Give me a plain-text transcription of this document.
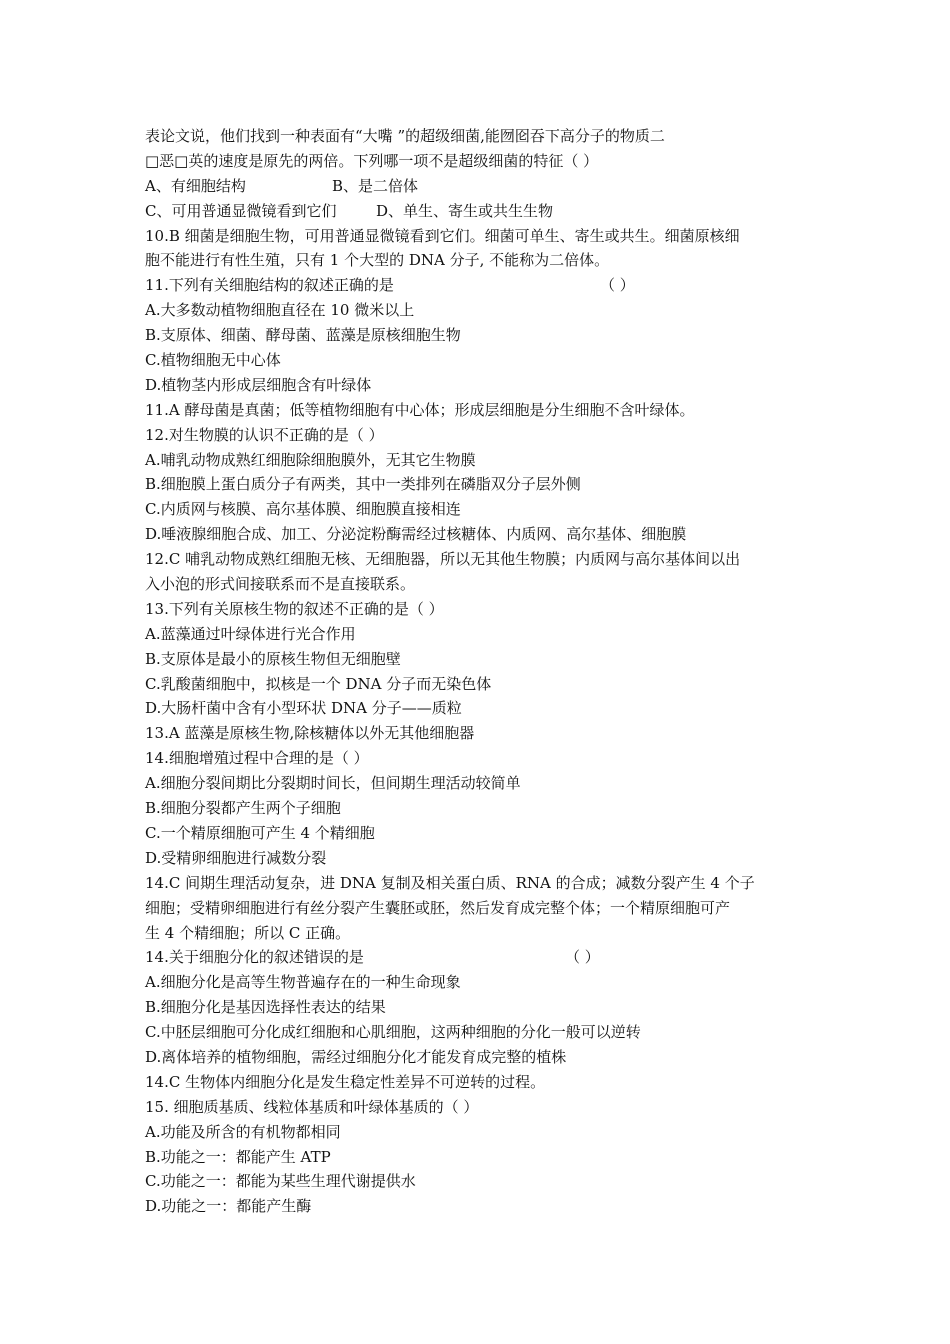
表论文说，他们找到一种表面有“大嘴 ”的超级细菌,能囫囵吞下高分子的物质二
□恶□英的速度是原先的两倍。下列哪一项不是超级细菌的特征（ ）
A、有细胞结构	B、是二倍体
C、可用普通显微镜看到它们	D、单生、寄生或共生生物
10.B 细菌是细胞生物，可用普通显微镜看到它们。细菌可单生、寄生或共生。细菌原核细
胞不能进行有性生殖，只有 1 个大型的 DNA 分子, 不能称为二倍体。
11.下列有关细胞结构的叙述正确的是	（ ）
A.大多数动植物细胞直径在 10 微米以上
B.支原体、细菌、酵母菌、蓝藻是原核细胞生物
C.植物细胞无中心体
D.植物茎内形成层细胞含有叶绿体
11.A 酵母菌是真菌；低等植物细胞有中心体；形成层细胞是分生细胞不含叶绿体。
12.对生物膜的认识不正确的是（ ）
A.哺乳动物成熟红细胞除细胞膜外，无其它生物膜
B.细胞膜上蛋白质分子有两类，其中一类排列在磷脂双分子层外侧
C.内质网与核膜、高尔基体膜、细胞膜直接相连
D.唾液腺细胞合成、加工、分泌淀粉酶需经过核糖体、内质网、高尔基体、细胞膜
12.C 哺乳动物成熟红细胞无核、无细胞器，所以无其他生物膜；内质网与高尔基体间以出
入小泡的形式间接联系而不是直接联系。
13.下列有关原核生物的叙述不正确的是（ ）
A.蓝藻通过叶绿体进行光合作用
B.支原体是最小的原核生物但无细胞壁
C.乳酸菌细胞中，拟核是一个 DNA 分子而无染色体
D.大肠杆菌中含有小型环状 DNA 分子——质粒
13.A 蓝藻是原核生物,除核糖体以外无其他细胞器
14.细胞增殖过程中合理的是（ ）
A.细胞分裂间期比分裂期时间长，但间期生理活动较简单
B.细胞分裂都产生两个子细胞
C.一个精原细胞可产生 4 个精细胞
D.受精卵细胞进行减数分裂
14.C 间期生理活动复杂，进 DNA 复制及相关蛋白质、RNA 的合成；减数分裂产生 4 个子
细胞；受精卵细胞进行有丝分裂产生囊胚或胚，然后发育成完整个体；一个精原细胞可产
生 4 个精细胞；所以 C 正确。
14.关于细胞分化的叙述错误的是	（ ）
A.细胞分化是高等生物普遍存在的一种生命现象
B.细胞分化是基因选择性表达的结果
C.中胚层细胞可分化成红细胞和心肌细胞，这两种细胞的分化一般可以逆转
D.离体培养的植物细胞，需经过细胞分化才能发育成完整的植株
14.C 生物体内细胞分化是发生稳定性差异不可逆转的过程。
15. 细胞质基质、线粒体基质和叶绿体基质的（ ）
A.功能及所含的有机物都相同
B.功能之一：都能产生 ATP
C.功能之一：都能为某些生理代谢提供水
D.功能之一：都能产生酶
